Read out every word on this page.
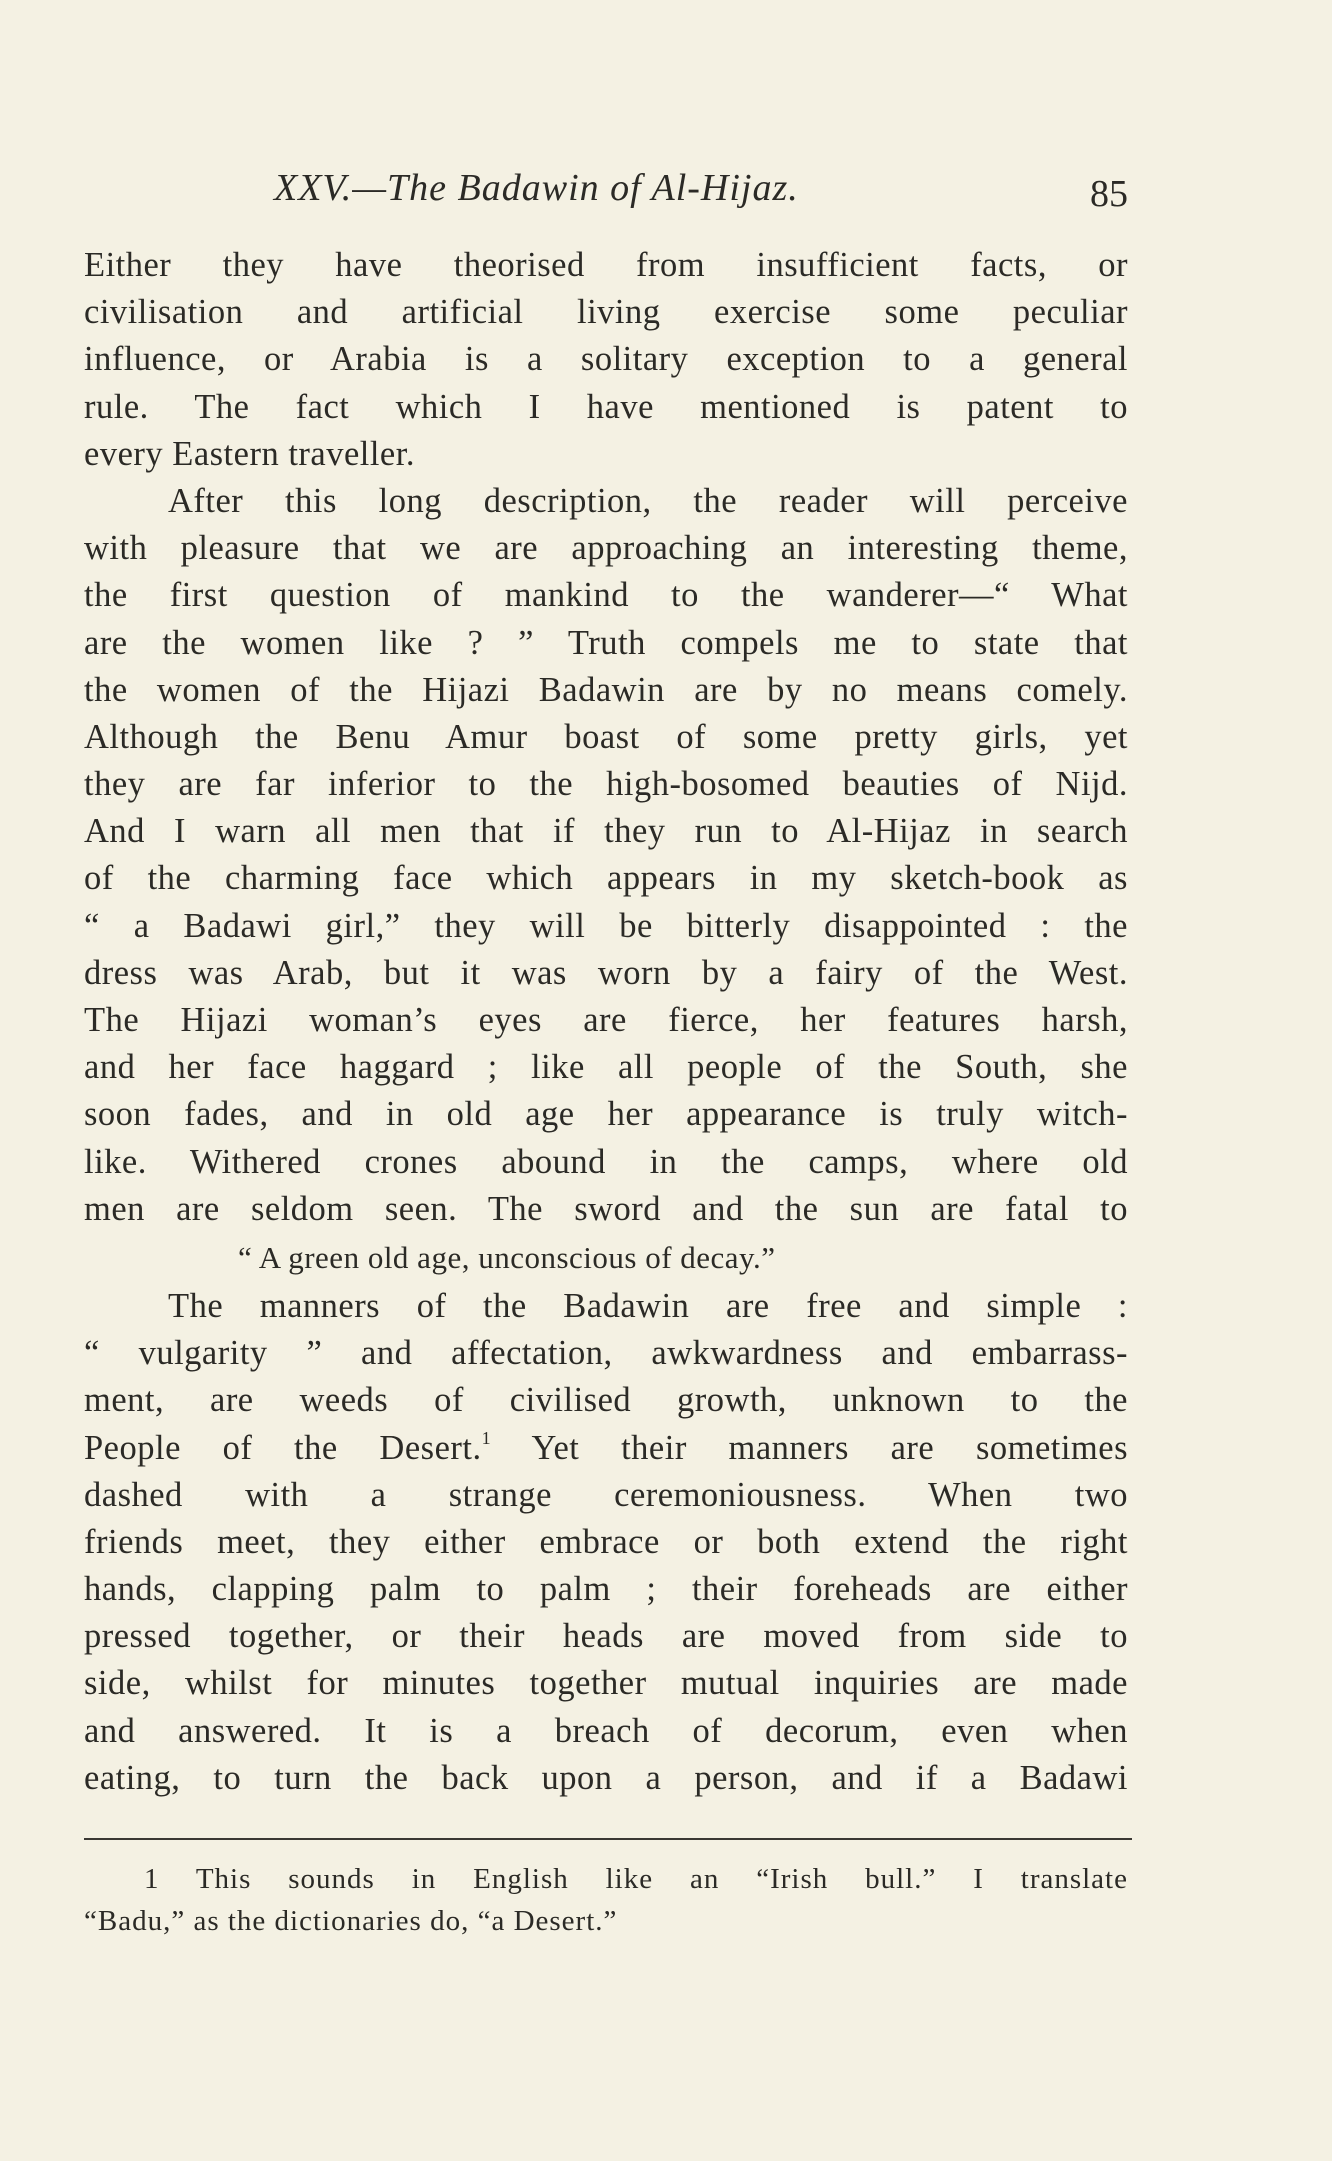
XXV.—The Badawin of Al-Hijaz.	85
Either they have theorised from insufficient facts, or
civilisation and artificial living exercise some peculiar
influence, or Arabia is a solitary exception to a general
rule. The fact which I have mentioned is patent to
every Eastern traveller.
After this long description, the reader will perceive
with pleasure that we are approaching an interesting theme,
the first question of mankind to the wanderer—“ What
are the women like ? ” Truth compels me to state that
the women of the Hijazi Badawin are by no means comely.
Although the Benu Amur boast of some pretty girls, yet
they are far inferior to the high-bosomed beauties of Nijd.
And I warn all men that if they run to Al-Hijaz in search
of the charming face which appears in my sketch-book as
“ a Badawi girl,” they will be bitterly disappointed : the
dress was Arab, but it was worn by a fairy of the West.
The Hijazi woman’s eyes are fierce, her features harsh,
and her face haggard ; like all people of the South, she
soon fades, and in old age her appearance is truly witch-
like. Withered crones abound in the camps, where old
men are seldom seen. The sword and the sun are fatal to
“ A green old age, unconscious of decay.”
The manners of the Badawin are free and simple :
“ vulgarity ” and affectation, awkwardness and embarrass-
ment, are weeds of civilised growth, unknown to the
People of the Desert.$^1$ Yet their manners are sometimes
dashed with a strange ceremoniousness. When two
friends meet, they either embrace or both extend the right
hands, clapping palm to palm ; their foreheads are either
pressed together, or their heads are moved from side to
side, whilst for minutes together mutual inquiries are made
and answered. It is a breach of decorum, even when
eating, to turn the back upon a person, and if a Badawi
1 This sounds in English like an “Irish bull.” I translate
“Badu,” as the dictionaries do, “a Desert.”
